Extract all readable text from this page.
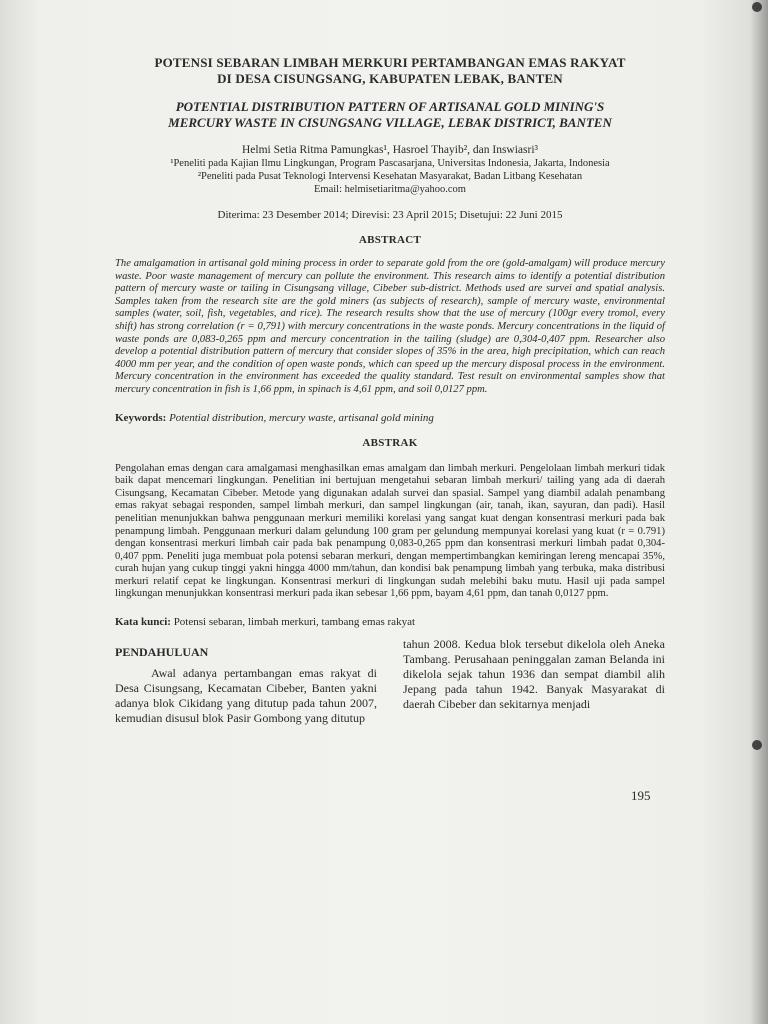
POTENSI SEBARAN LIMBAH MERKURI PERTAMBANGAN EMAS RAKYAT
DI DESA CISUNGSANG, KABUPATEN LEBAK, BANTEN

POTENTIAL DISTRIBUTION PATTERN OF ARTISANAL GOLD MINING'S
MERCURY WASTE IN CISUNGSANG VILLAGE, LEBAK DISTRICT, BANTEN

Helmi Setia Ritma Pamungkas¹, Hasroel Thayib², dan Inswiasri³
¹Peneliti pada Kajian Ilmu Lingkungan, Program Pascasarjana, Universitas Indonesia, Jakarta, Indonesia
²Peneliti pada Pusat Teknologi Intervensi Kesehatan Masyarakat, Badan Litbang Kesehatan
Email: helmisetiaritma@yahoo.com
Diterima: 23 Desember 2014; Direvisi: 23 April 2015; Disetujui: 22 Juni 2015
ABSTRACT
The amalgamation in artisanal gold mining process in order to separate gold from the ore (gold-amalgam) will produce mercury waste. Poor waste management of mercury can pollute the environment. This research aims to identify a potential distribution pattern of mercury waste or tailing in Cisungsang village, Cibeber sub-district. Methods used are survei and spatial analysis. Samples taken from the research site are the gold miners (as subjects of research), sample of mercury waste, environmental samples (water, soil, fish, vegetables, and rice). The research results show that the use of mercury (100gr every tromol, every shift) has strong correlation (r = 0,791) with mercury concentrations in the waste ponds. Mercury concentrations in the liquid of waste ponds are 0,083-0,265 ppm and mercury concentration in the tailing (sludge) are 0,304-0,407 ppm. Researcher also develop a potential distribution pattern of mercury that consider slopes of 35% in the area, high precipitation, which can reach 4000 mm per year, and the condition of open waste ponds, which can speed up the mercury disposal process in the environment. Mercury concentration in the environment has exceeded the quality standard. Test result on environmental samples show that mercury concentration in fish is 1,66 ppm, in spinach is 4,61 ppm, and soil 0,0127 ppm.
Keywords: Potential distribution, mercury waste, artisanal gold mining
ABSTRAK
Pengolahan emas dengan cara amalgamasi menghasilkan emas amalgam dan limbah merkuri. Pengelolaan limbah merkuri tidak baik dapat mencemari lingkungan. Penelitian ini bertujuan mengetahui sebaran limbah merkuri/ tailing yang ada di daerah Cisungsang, Kecamatan Cibeber. Metode yang digunakan adalah survei dan spasial. Sampel yang diambil adalah penambang emas rakyat sebagai responden, sampel limbah merkuri, dan sampel lingkungan (air, tanah, ikan, sayuran, dan padi). Hasil penelitian menunjukkan bahwa penggunaan merkuri memiliki korelasi yang sangat kuat dengan konsentrasi merkuri pada bak penampung limbah. Penggunaan merkuri dalam gelundung 100 gram per gelundung mempunyai korelasi yang kuat (r = 0.791) dengan konsentrasi merkuri limbah cair pada bak penampung 0,083-0,265 ppm dan konsentrasi merkuri limbah padat 0,304-0,407 ppm. Peneliti juga membuat pola potensi sebaran merkuri, dengan mempertimbangkan kemiringan lereng mencapai 35%, curah hujan yang cukup tinggi yakni hingga 4000 mm/tahun, dan kondisi bak penampung limbah yang terbuka, maka distribusi merkuri relatif cepat ke lingkungan. Konsentrasi merkuri di lingkungan sudah melebihi baku mutu. Hasil uji pada sampel lingkungan menunjukkan konsentrasi merkuri pada ikan sebesar 1,66 ppm, bayam 4,61 ppm, dan tanah 0,0127 ppm.
Kata kunci: Potensi sebaran, limbah merkuri, tambang emas rakyat
PENDAHULUAN
Awal adanya pertambangan emas rakyat di Desa Cisungsang, Kecamatan Cibeber, Banten yakni adanya blok Cikidang yang ditutup pada tahun 2007, kemudian disusul blok Pasir Gombong yang ditutup
tahun 2008. Kedua blok tersebut dikelola oleh Aneka Tambang. Perusahaan peninggalan zaman Belanda ini dikelola sejak tahun 1936 dan sempat diambil alih Jepang pada tahun 1942. Banyak Masyarakat di daerah Cibeber dan sekitarnya menjadi
195
